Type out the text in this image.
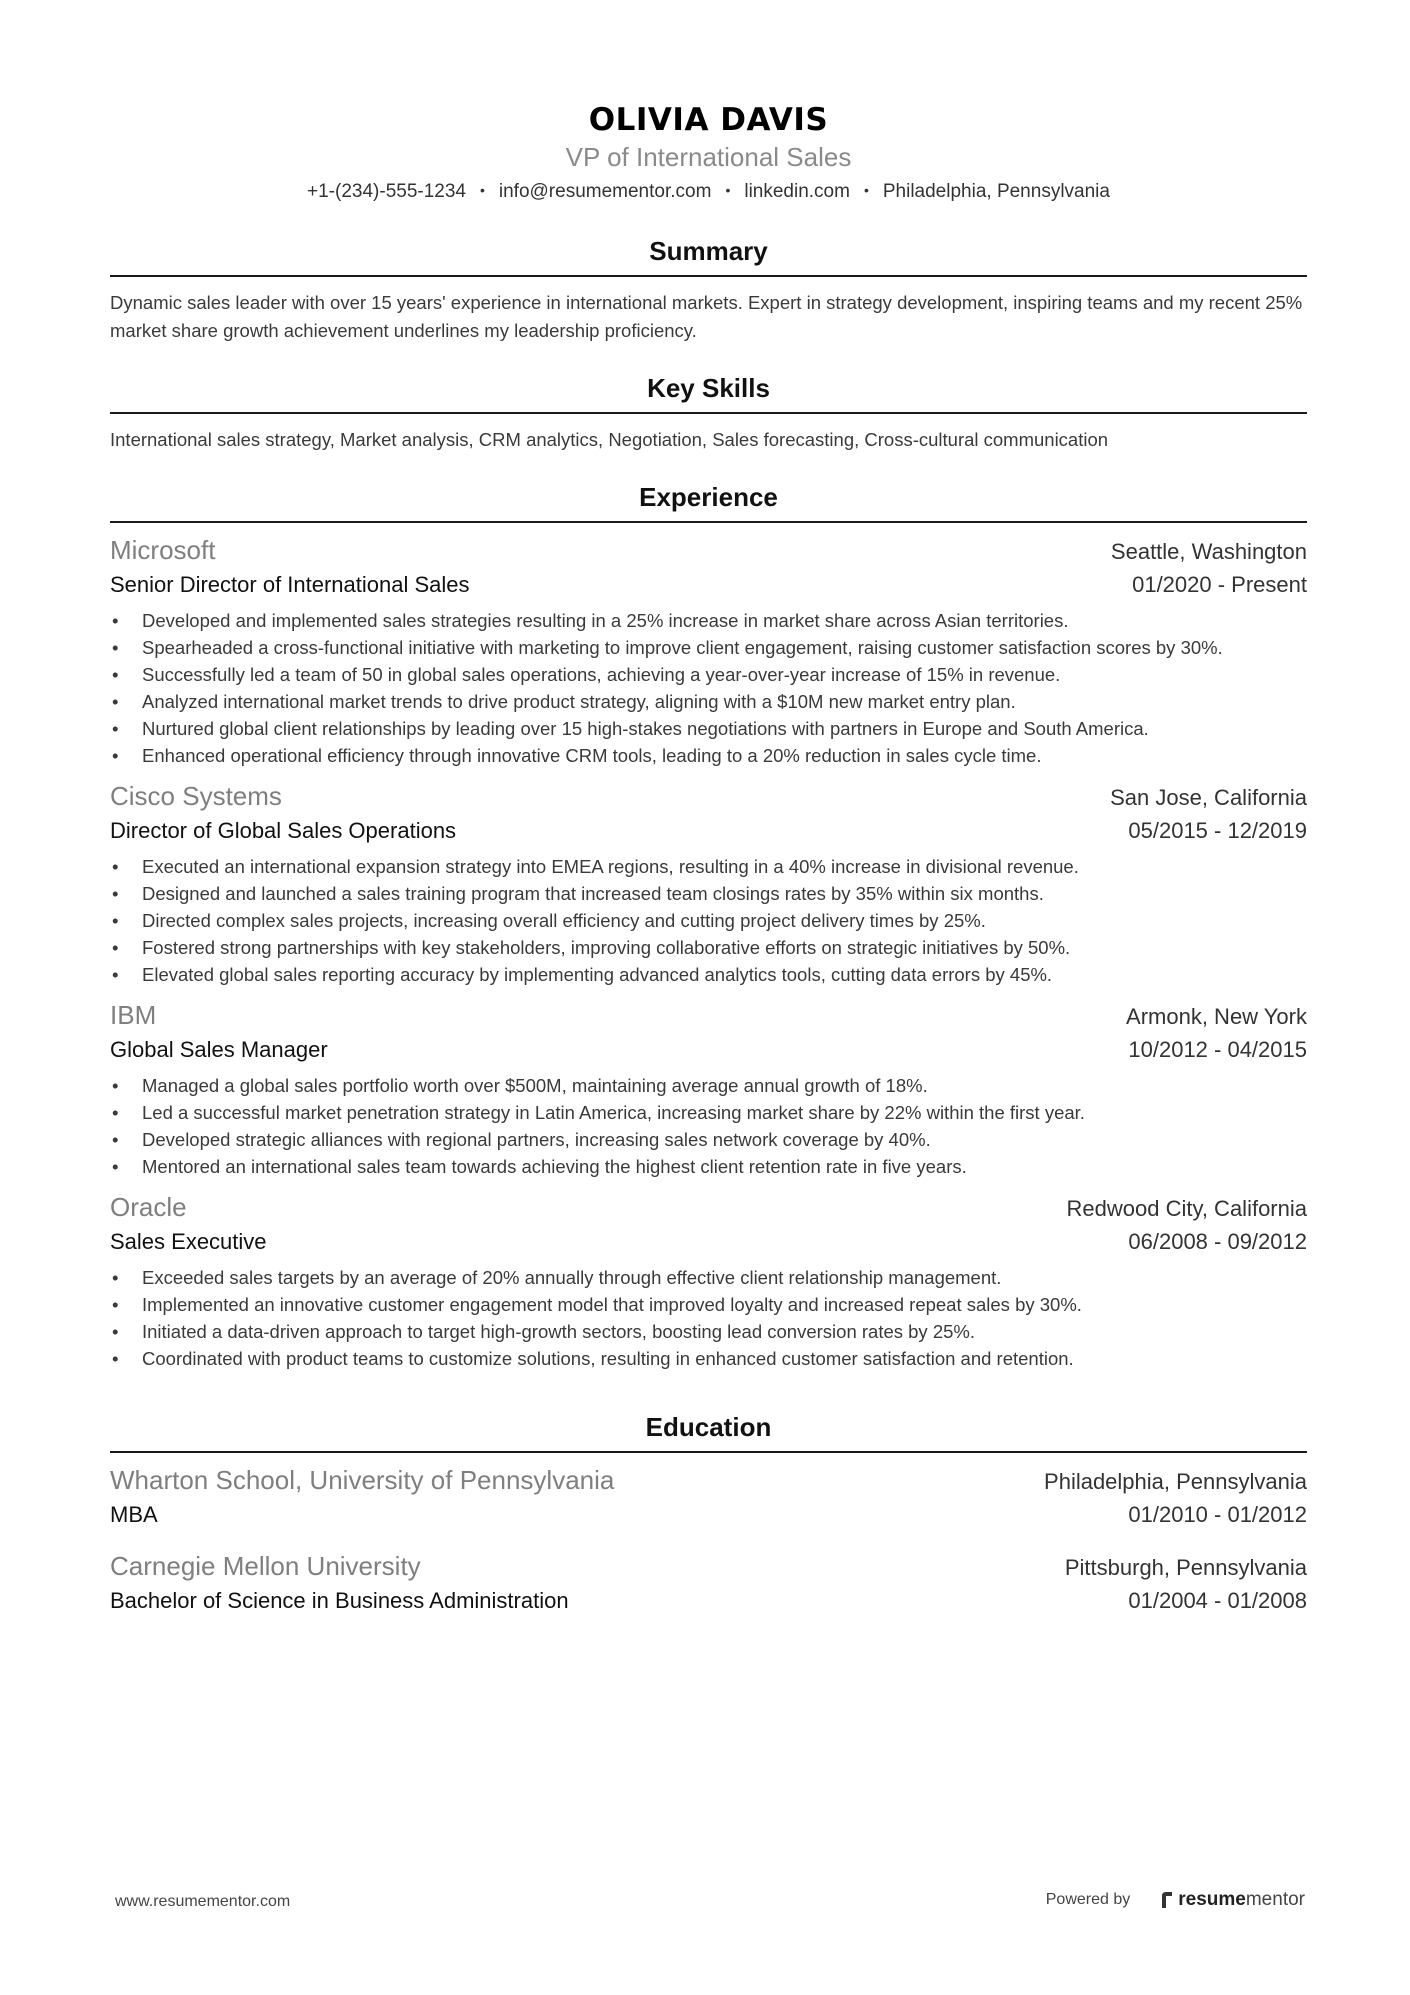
OLIVIA DAVIS

VP of International Sales

+1-(234)-555-1234 • info@resumementor.com • linkedin.com • Philadelphia, Pennsylvania
Summary

Dynamic sales leader with over 15 years' experience in international markets. Expert in strategy development, inspiring teams and my recent 25% market share growth achievement underlines my leadership proficiency.

Key Skills

International sales strategy, Market analysis, CRM analytics, Negotiation, Sales forecasting, Cross-cultural communication

Experience
Microsoft	Seattle, Washington
Senior Director of International Sales	01/2020 - Present
• Developed and implemented sales strategies resulting in a 25% increase in market share across Asian territories.
• Spearheaded a cross-functional initiative with marketing to improve client engagement, raising customer satisfaction scores by 30%.
• Successfully led a team of 50 in global sales operations, achieving a year-over-year increase of 15% in revenue.
• Analyzed international market trends to drive product strategy, aligning with a $10M new market entry plan.
• Nurtured global client relationships by leading over 15 high-stakes negotiations with partners in Europe and South America.
• Enhanced operational efficiency through innovative CRM tools, leading to a 20% reduction in sales cycle time.
Cisco Systems	San Jose, California
Director of Global Sales Operations	05/2015 - 12/2019
• Executed an international expansion strategy into EMEA regions, resulting in a 40% increase in divisional revenue.
• Designed and launched a sales training program that increased team closings rates by 35% within six months.
• Directed complex sales projects, increasing overall efficiency and cutting project delivery times by 25%.
• Fostered strong partnerships with key stakeholders, improving collaborative efforts on strategic initiatives by 50%.
• Elevated global sales reporting accuracy by implementing advanced analytics tools, cutting data errors by 45%.
IBM	Armonk, New York
Global Sales Manager	10/2012 - 04/2015
• Managed a global sales portfolio worth over $500M, maintaining average annual growth of 18%.
• Led a successful market penetration strategy in Latin America, increasing market share by 22% within the first year.
• Developed strategic alliances with regional partners, increasing sales network coverage by 40%.
• Mentored an international sales team towards achieving the highest client retention rate in five years.
Oracle	Redwood City, California
Sales Executive	06/2008 - 09/2012
• Exceeded sales targets by an average of 20% annually through effective client relationship management.
• Implemented an innovative customer engagement model that improved loyalty and increased repeat sales by 30%.
• Initiated a data-driven approach to target high-growth sectors, boosting lead conversion rates by 25%.
• Coordinated with product teams to customize solutions, resulting in enhanced customer satisfaction and retention.
Education
Wharton School, University of Pennsylvania	Philadelphia, Pennsylvania
MBA	01/2010 - 01/2012
Carnegie Mellon University	Pittsburgh, Pennsylvania
Bachelor of Science in Business Administration	01/2004 - 01/2008
www.resumementor.com	Powered by	resume mentor
